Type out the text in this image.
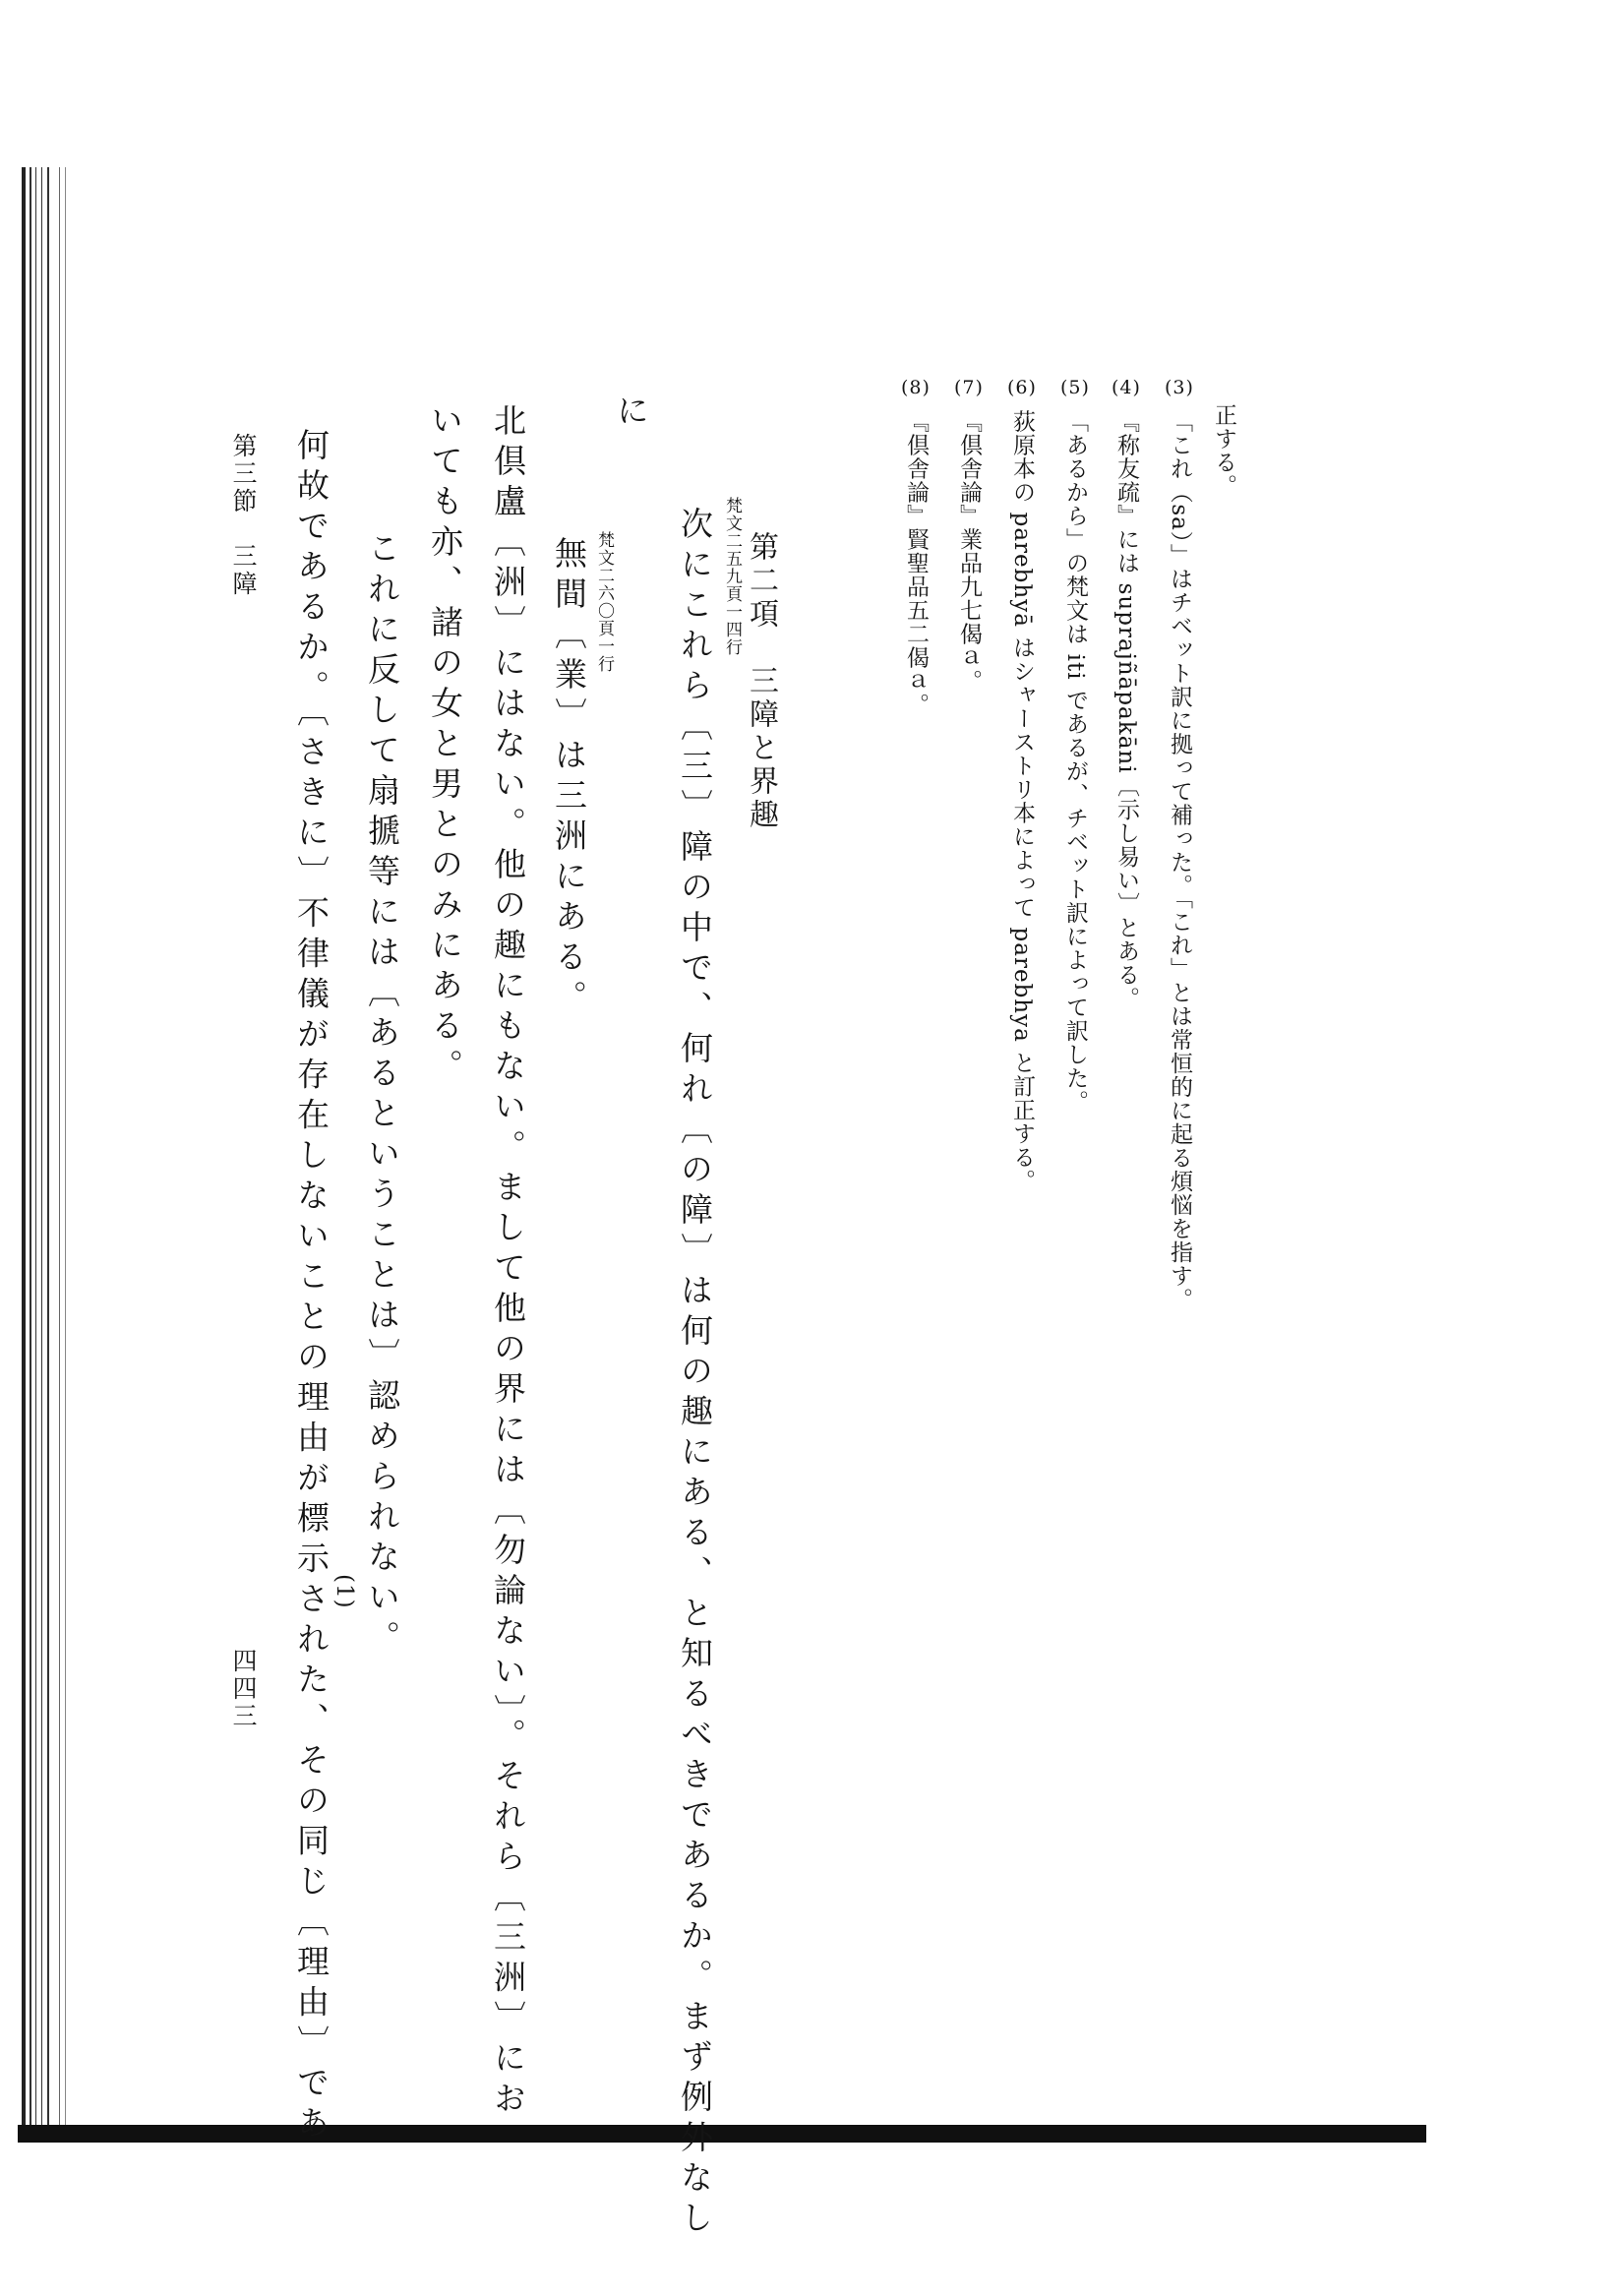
正する。
(3) 「これ（sa）」はチベット訳に拠って補った。「これ」とは常恒的に起る煩悩を指す。
(4) 『称友疏』には suprajñāpakāni〔示し易い〕とある。
(5) 「あるから」の梵文は iti であるが、チベット訳によって訳した。
(6) 荻原本の parebhyā はシャーストリ本によって parebhya と訂正する。
(7) 『倶舎論』業品九七偈ａ。
(8) 『倶舎論』賢聖品五二偈ａ。
に
第二項　三障と界趣
梵文二五九頁一四行
次にこれら〔三〕障の中で、何れ〔の障〕は何の趣にある、と知るべきであるか。まず例外なし
梵文二六〇頁一行
無間〔業〕は三洲にある。
北倶盧〔洲〕にはない。他の趣にもない。まして他の界には〔勿論ない〕。それら〔三洲〕にお
いても亦、諸の女と男とのみにある。
これに反して扇搋等には〔あるということは〕認められない。
(1)
何故であるか。〔さきに〕不律儀が存在しないことの理由が標示された、その同じ〔理由〕であ
第三節　三障
四四三
